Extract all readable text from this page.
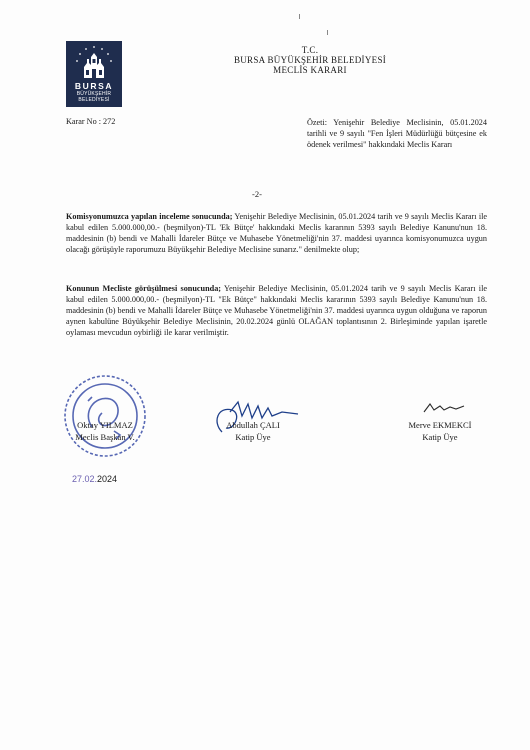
BURSA
BÜYÜKŞEHİR
BELEDİYESİ
T.C.
BURSA BÜYÜKŞEHİR BELEDİYESİ
MECLİS KARARI
Karar No : 272	Özeti: Yenişehir Belediye Meclisinin, 05.01.2024 tarihli ve 9 sayılı "Fen İşleri Müdürlüğü bütçesine ek ödenek verilmesi" hakkındaki Meclis Kararı
-2-
Komisyonumuzca yapılan inceleme sonucunda; Yenişehir Belediye Meclisinin, 05.01.2024 tarih ve 9 sayılı Meclis Kararı ile kabul edilen 5.000.000,00.- (beşmilyon)-TL 'Ek Bütçe' hakkındaki Meclis kararının 5393 sayılı Belediye Kanunu'nun 18. maddesinin (b) bendi ve Mahalli İdareler Bütçe ve Muhasebe Yönetmeliği'nin 37. maddesi uyarınca komisyonumuzca uygun olacağı görüşüyle raporumuzu Büyükşehir Belediye Meclisine sunarız." denilmekte olup;
Konunun Mecliste görüşülmesi sonucunda; Yenişehir Belediye Meclisinin, 05.01.2024 tarih ve 9 sayılı Meclis Kararı ile kabul edilen 5.000.000,00.- (beşmilyon)-TL "Ek Bütçe" hakkındaki Meclis kararının 5393 sayılı Belediye Kanunu'nun 18. maddesinin (b) bendi ve Mahalli İdareler Bütçe ve Muhasebe Yönetmeliği'nin 37. maddesi uyarınca uygun olduğuna ve raporun aynen kabulüne Büyükşehir Belediye Meclisinin, 20.02.2024 günlü OLAĞAN toplantısının 2. Birleşiminde yapılan işaretle oylaması mevcudun oybirliği ile karar verilmiştir.
Oktay YILMAZ
Meclis Başkan V.
Abdullah ÇALI
Katip Üye
Merve EKMEKCİ
Katip Üye
27.02.2024
